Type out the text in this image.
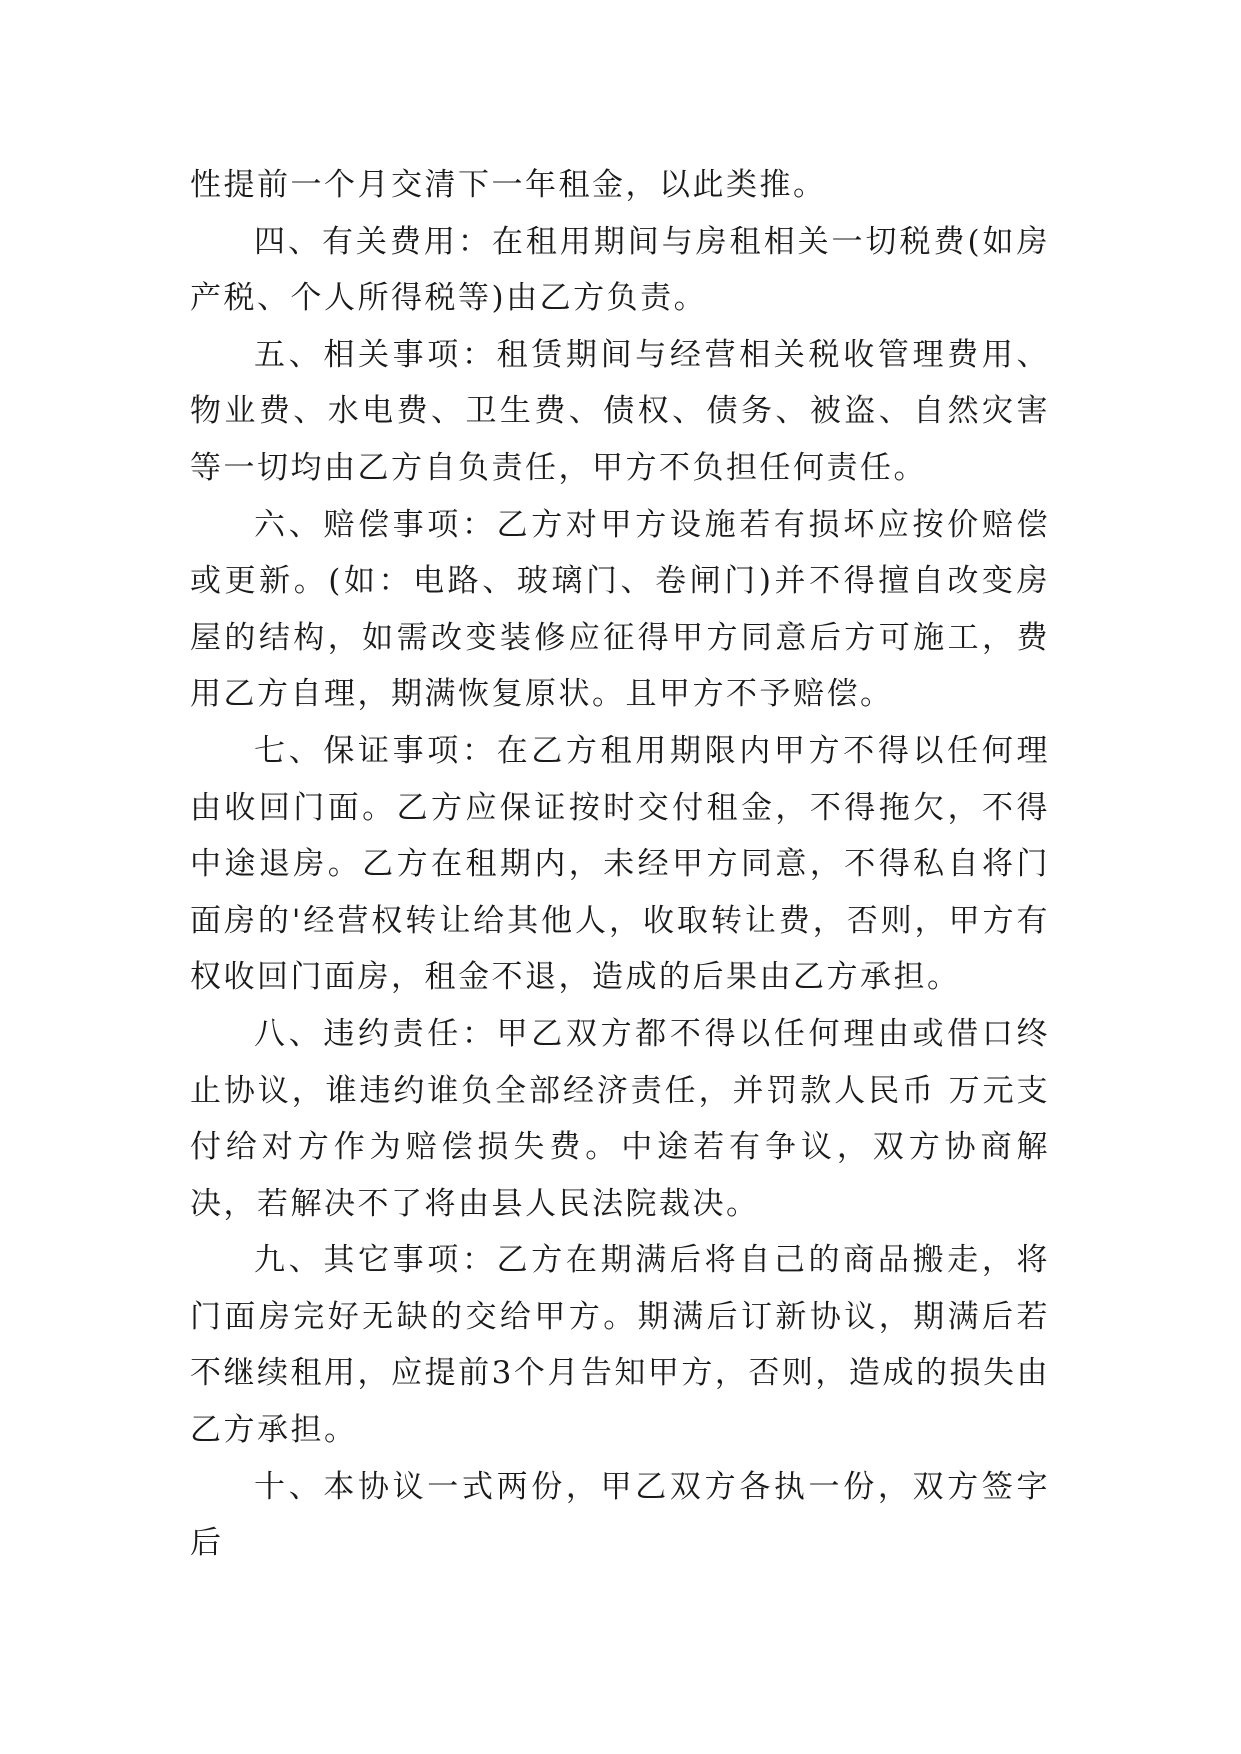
性提前一个月交清下一年租金，以此类推。

四、有关费用：在租用期间与房租相关一切税费(如房产税、个人所得税等)由乙方负责。

五、相关事项：租赁期间与经营相关税收管理费用、物业费、水电费、卫生费、债权、债务、被盗、自然灾害等一切均由乙方自负责任，甲方不负担任何责任。

六、赔偿事项：乙方对甲方设施若有损坏应按价赔偿或更新。(如：电路、玻璃门、卷闸门)并不得擅自改变房屋的结构，如需改变装修应征得甲方同意后方可施工，费用乙方自理，期满恢复原状。且甲方不予赔偿。

七、保证事项：在乙方租用期限内甲方不得以任何理由收回门面。乙方应保证按时交付租金，不得拖欠，不得中途退房。乙方在租期内，未经甲方同意，不得私自将门面房的'经营权转让给其他人，收取转让费，否则，甲方有权收回门面房，租金不退，造成的后果由乙方承担。

八、违约责任：甲乙双方都不得以任何理由或借口终止协议，谁违约谁负全部经济责任，并罚款人民币 万元支付给对方作为赔偿损失费。中途若有争议，双方协商解决，若解决不了将由县人民法院裁决。

九、其它事项：乙方在期满后将自己的商品搬走，将门面房完好无缺的交给甲方。期满后订新协议，期满后若不继续租用，应提前3个月告知甲方，否则，造成的损失由乙方承担。

十、本协议一式两份，甲乙双方各执一份，双方签字后
